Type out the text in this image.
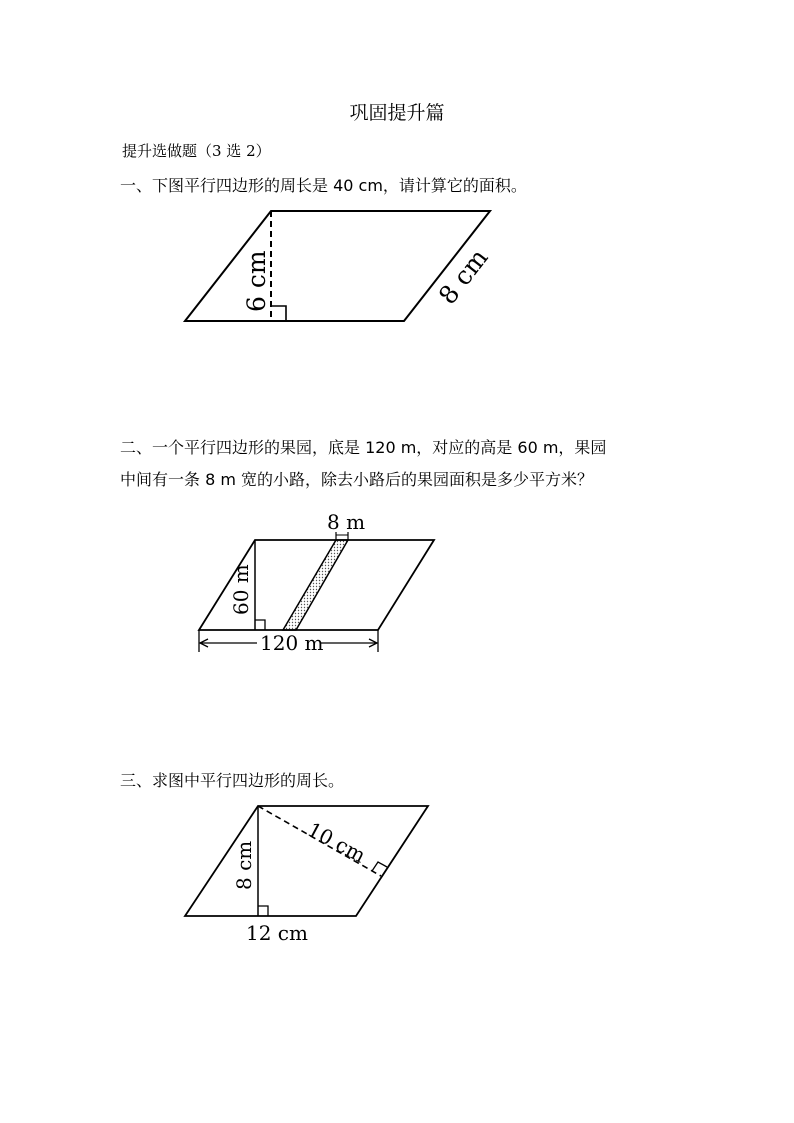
巩固提升篇
提升选做题（3 选 2）
一、下图平行四边形的周长是 40 cm，请计算它的面积。
二、一个平行四边形的果园，底是 120 m，对应的高是 60 m，果园
中间有一条 8 m 宽的小路，除去小路后的果园面积是多少平方米？
三、求图中平行四边形的周长。
6 cm	8 cm
8 m
60 m
120 m
10 cm
8 cm
12 cm
